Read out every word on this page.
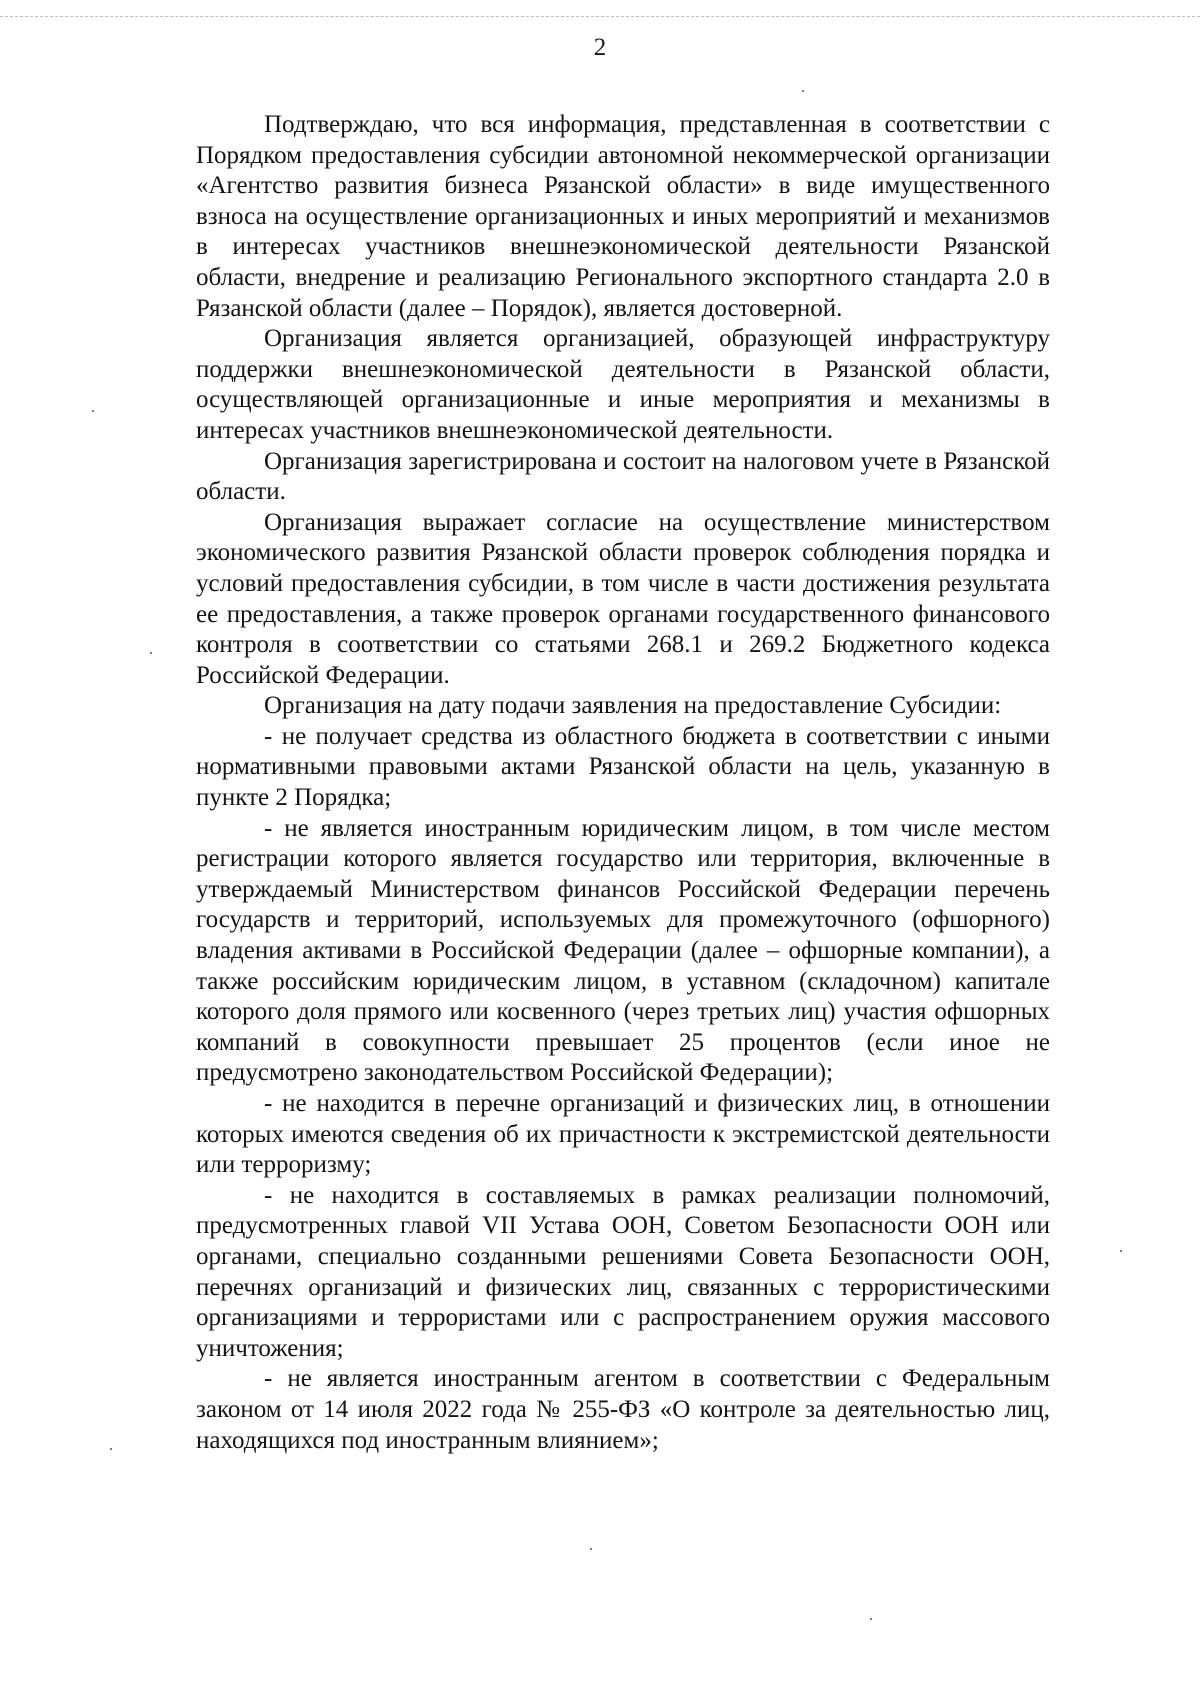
2

Подтверждаю, что вся информация, представленная в соответствии с Порядком предоставления субсидии автономной некоммерческой организации «Агентство развития бизнеса Рязанской области» в виде имущественного взноса на осуществление организационных и иных мероприятий и механизмов в интересах участников внешнеэкономической деятельности Рязанской области, внедрение и реализацию Регионального экспортного стандарта 2.0 в Рязанской области (далее – Порядок), является достоверной.

Организация является организацией, образующей инфраструктуру поддержки внешнеэкономической деятельности в Рязанской области, осуществляющей организационные и иные мероприятия и механизмы в интересах участников внешнеэкономической деятельности.

Организация зарегистрирована и состоит на налоговом учете в Рязанской области.

Организация выражает согласие на осуществление министерством экономического развития Рязанской области проверок соблюдения порядка и условий предоставления субсидии, в том числе в части достижения результата ее предоставления, а также проверок органами государственного финансового контроля в соответствии со статьями 268.1 и 269.2 Бюджетного кодекса Российской Федерации.

Организация на дату подачи заявления на предоставление Субсидии:

- не получает средства из областного бюджета в соответствии с иными нормативными правовыми актами Рязанской области на цель, указанную в пункте 2 Порядка;

- не является иностранным юридическим лицом, в том числе местом регистрации которого является государство или территория, включенные в утверждаемый Министерством финансов Российской Федерации перечень государств и территорий, используемых для промежуточного (офшорного) владения активами в Российской Федерации (далее – офшорные компании), а также российским юридическим лицом, в уставном (складочном) капитале которого доля прямого или косвенного (через третьих лиц) участия офшорных компаний в совокупности превышает 25 процентов (если иное не предусмотрено законодательством Российской Федерации);

- не находится в перечне организаций и физических лиц, в отношении которых имеются сведения об их причастности к экстремистской деятельности или терроризму;

- не находится в составляемых в рамках реализации полномочий, предусмотренных главой VII Устава ООН, Советом Безопасности ООН или органами, специально созданными решениями Совета Безопасности ООН, перечнях организаций и физических лиц, связанных с террористическими организациями и террористами или с распространением оружия массового уничтожения;

- не является иностранным агентом в соответствии с Федеральным законом от 14 июля 2022 года № 255-ФЗ «О контроле за деятельностью лиц, находящихся под иностранным влиянием»;
